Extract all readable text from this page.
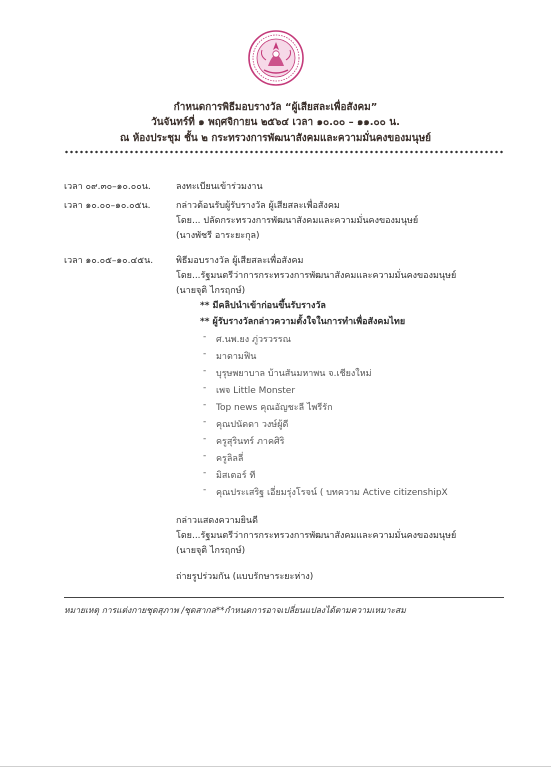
กำหนดการพิธีมอบรางวัล “ผู้เสียสละเพื่อสังคม”
วันจันทร์ที่ ๑ พฤศจิกายน ๒๕๖๔ เวลา ๑๐.๐๐ – ๑๑.๐๐ น.
ณ ห้องประชุม ชั้น ๒ กระทรวงการพัฒนาสังคมและความมั่นคงของมนุษย์
เวลา ๐๙.๓๐–๑๐.๐๐น.	ลงทะเบียนเข้าร่วมงาน
เวลา ๑๐.๐๐–๑๐.๐๕น.	กล่าวต้อนรับผู้รับรางวัล ผู้เสียสละเพื่อสังคม
โดย... ปลัดกระทรวงการพัฒนาสังคมและความมั่นคงของมนุษย์
(นางพัชรี อาระยะกุล)
เวลา ๑๐.๐๕–๑๐.๔๕น.	พิธีมอบรางวัล ผู้เสียสละเพื่อสังคม
โดย...รัฐมนตรีว่าการกระทรวงการพัฒนาสังคมและความมั่นคงของมนุษย์
(นายจุติ ไกรฤกษ์)
** มีคลิปนำเข้าก่อนขึ้นรับรางวัล
** ผู้รับรางวัลกล่าวความตั้งใจในการทำเพื่อสังคมไทย
- ศ.นพ.ยง ภู่วรวรรณ
- มาดามฟิน
- บุรุษพยาบาล บ้านสันมหาพน จ.เชียงใหม่
- เพจ Little Monster
- Top news คุณอัญชะลี ไพรีรัก
- คุณปนัดดา วงษ์ผู้ดี
- ครูสุรินทร์ ภาคศิริ
- ครูลิลลี่
- มิสเตอร์ ที
- คุณประเสริฐ เอี่ยมรุ่งโรจน์ ( บทความ Active citizenshipX
กล่าวแสดงความยินดี
โดย...รัฐมนตรีว่าการกระทรวงการพัฒนาสังคมและความมั่นคงของมนุษย์
(นายจุติ ไกรฤกษ์)
ถ่ายรูปร่วมกัน (แบบรักษาระยะห่าง)
หมายเหตุ การแต่งกายชุดสุภาพ /ชุดสากล**กำหนดการอาจเปลี่ยนแปลงได้ตามความเหมาะสม
